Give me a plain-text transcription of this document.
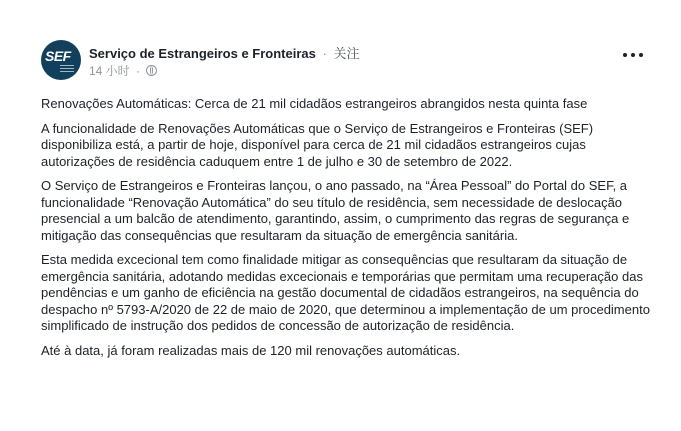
SEF Serviço de Estrangeiros e Fronteiras · 关注
14 小时 ·

Renovações Automáticas: Cerca de 21 mil cidadãos estrangeiros abrangidos nesta quinta fase

A funcionalidade de Renovações Automáticas que o Serviço de Estrangeiros e Fronteiras (SEF) disponibiliza está, a partir de hoje, disponível para cerca de 21 mil cidadãos estrangeiros cujas autorizações de residência caduquem entre 1 de julho e 30 de setembro de 2022.

O Serviço de Estrangeiros e Fronteiras lançou, o ano passado, na “Área Pessoal” do Portal do SEF, a funcionalidade “Renovação Automática” do seu título de residência, sem necessidade de deslocação presencial a um balcão de atendimento, garantindo, assim, o cumprimento das regras de segurança e mitigação das consequências que resultaram da situação de emergência sanitária.

Esta medida excecional tem como finalidade mitigar as consequências que resultaram da situação de emergência sanitária, adotando medidas excecionais e temporárias que permitam uma recuperação das pendências e um ganho de eficiência na gestão documental de cidadãos estrangeiros, na sequência do despacho nº 5793-A/2020 de 22 de maio de 2020, que determinou a implementação de um procedimento simplificado de instrução dos pedidos de concessão de autorização de residência.

Até à data, já foram realizadas mais de 120 mil renovações automáticas.
